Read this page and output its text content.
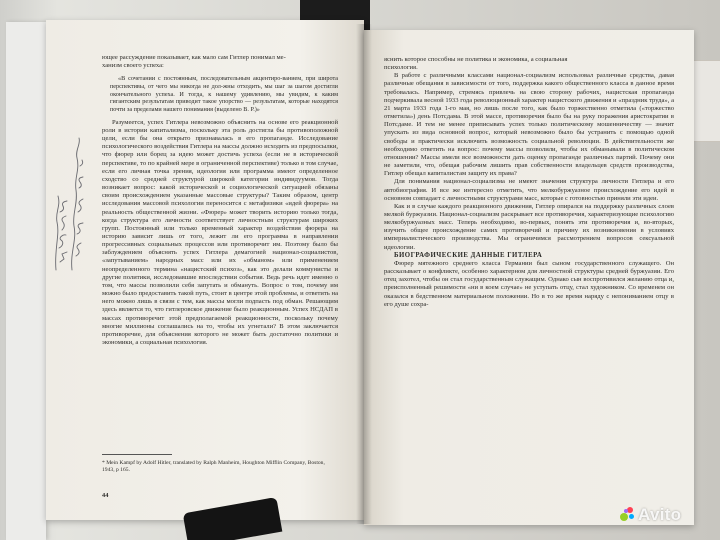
ющее рассуждение показывает, как мало сам Гитлер понимал ме-

ханизм своего успеха:

«В сочетании с постоянным, последовательным акцентиро-ванием, при широта перспективы, от чего мы никогда не дол-жны отходить, мы шаг за шагом достигли окончательного успеха. И тогда, к нашему удивлению, мы увидим, к каким гигантским результатам приводит такое упорство — результатам, которые находятся почти за пределами нашего понимания (выделено В. Р.)»

Разумеется, успех Гитлера невозможно объяснить на основе его реакционной роли в истории капитализма, поскольку эта роль достигла бы противоположной цели, если бы она открыто признавалась в его пропаганде. Исследование психологического воздействия Гитлера на массы должно исходить из предпосылки, что фюрер или борец за идею может достичь успеха (если не в исторической перспективе, то по крайней мере в ограниченной перспективе) только в том случае, если его личная точка зрения, идеология или программа имеют определенное сходство со средней структурой широкой категории индивидуумов. Тогда возникает вопрос: какой исторической и социологической ситуацией обязаны своим происхождением указанные массовые структуры? Таким образом, центр исследования массовой психологии переносится с метафизики «идей фюрера» на реальность общественной жизни. «Фюрер» может творить историю только тогда, когда структура его личности соответствует личностным структурам широких групп. Постоянный или только временный характер воздействия фюрера на историю зависит лишь от того, лежит ли его программа в направлении прогрессивных социальных процессов или противоречит им. Поэтому было бы заблуждением объяснять успех Гитлера демагогией национал-социалистов, «запутыванием» народных масс или их «обманом» или применением неопределенного термина «нацистский психоз», как это делали коммунисты и другие политики, исследовавшие впоследствии события. Ведь речь идет именно о том, что массы позволили себя запутать и обмануть. Вопрос о том, почему им можно было предоставить такой путь, стоит в центре этой проблемы, и ответить на него можно лишь в связи с тем, как массы могли подпасть под обман. Решающим здесь является то, что гитлеровское движение было реакционным. Успех НСДАП в массах противоречит этой предполагаемой реакционности, поскольку почему многие миллионы соглашались на то, чтобы их угнетали? В этом заключается противоречие, для объяснения которого не может быть достаточно политики и экономики, а социальная психология.

* Mein Kampf by Adolf Hitler, translated by Ralph Manheim, Houghton Mifflin Company, Boston, 1943, p 165.
44

яснить которое способны не политика и экономика, а социальная

психология.

В работе с различными классами национал-социализм использовал различные средства, давая различные обещания в зависимости от того, поддержка какого общественного класса в данное время требовалась. Например, стремясь привлечь на свою сторону рабочих, нацистская пропаганда подчеркивала весной 1933 года революционный характер нацистского движения и «праздник труда», а 21 марта 1933 года 1-го мая, но лишь после того, как было торжественно отметила («торжество отметила») день Потсдама. В этой массе, противоречия было бы на руку поражения аристократии в Потсдаме. И тем не менее приписывать успех только политическому мошенничеству — значит упускать из вида основной вопрос, который невозможно было бы устранить с помощью одной свободы и практически исключить возможность социальной революции. В действительности же необходимо ответить на вопрос: почему массы позволили, чтобы их обманывали в политическом отношении? Массы имели все возможности дать оценку пропаганде различных партий. Почему они не заметили, что, обещая рабочим лишить прав собственности владельцев средств производства, Гитлер обещал капиталистам защиту их права?

Для понимания национал-социализма не имеют значения структура личности Гитлера и его автобиография. И все же интересно отметить, что мелкобуржуазное происхождение его идей в основном совпадает с личностными структурами масс, которые с готовностью приняли эти идеи.

Как и в случае каждого реакционного движения, Гитлер опирался на поддержку различных слоев мелкой буржуазии. Национал-социализм раскрывает все противоречия, характеризующие психологию мелкобуржуазных масс. Теперь необходимо, во-первых, понять эти противоречия и, во-вторых, изучить общее происхождение самих противоречий и причину их возникновения в условиях империалистического производства. Мы ограничимся рассмотрением вопросов сексуальной идеологии.

БИОГРАФИЧЕСКИЕ ДАННЫЕ ГИТЛЕРА

Фюрер мятежного среднего класса Германии был сыном государственного служащего. Он рассказывает о конфликте, особенно характерном для личностной структуры средней буржуазии. Его отец захотел, чтобы он стал государственным служащим. Однако сын воспротивился желанию отца и, преисполненный решимости «ни в коем случае» не уступать отцу, стал художником. Со временем он оказался в бедственном материальном положении. Но в то же время наряду с непониманием отцу в его душе сохра-

Avito
